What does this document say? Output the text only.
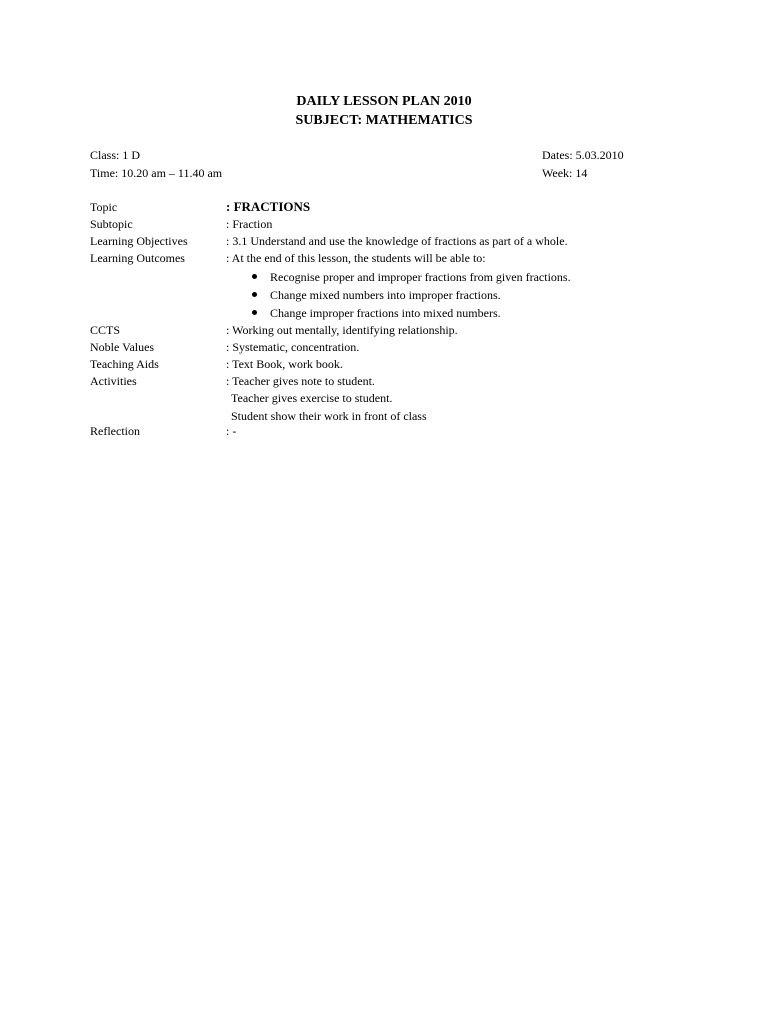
DAILY LESSON PLAN 2010
SUBJECT: MATHEMATICS
Class: 1 D
Time: 10.20 am – 11.40 am
Dates: 5.03.2010
Week: 14
Topic	: FRACTIONS
Subtopic	: Fraction
Learning Objectives	: 3.1 Understand and use the knowledge of fractions as part of a whole.
Learning Outcomes	: At the end of this lesson, the students will be able to:
Recognise proper and improper fractions from given fractions.
Change mixed numbers into improper fractions.
Change improper fractions into mixed numbers.
CCTS	: Working out mentally, identifying relationship.
Noble Values	: Systematic, concentration.
Teaching Aids	: Text Book, work book.
Activities	: Teacher gives note to student.
Teacher gives exercise to student.
Student show their work in front of class
Reflection	: -
